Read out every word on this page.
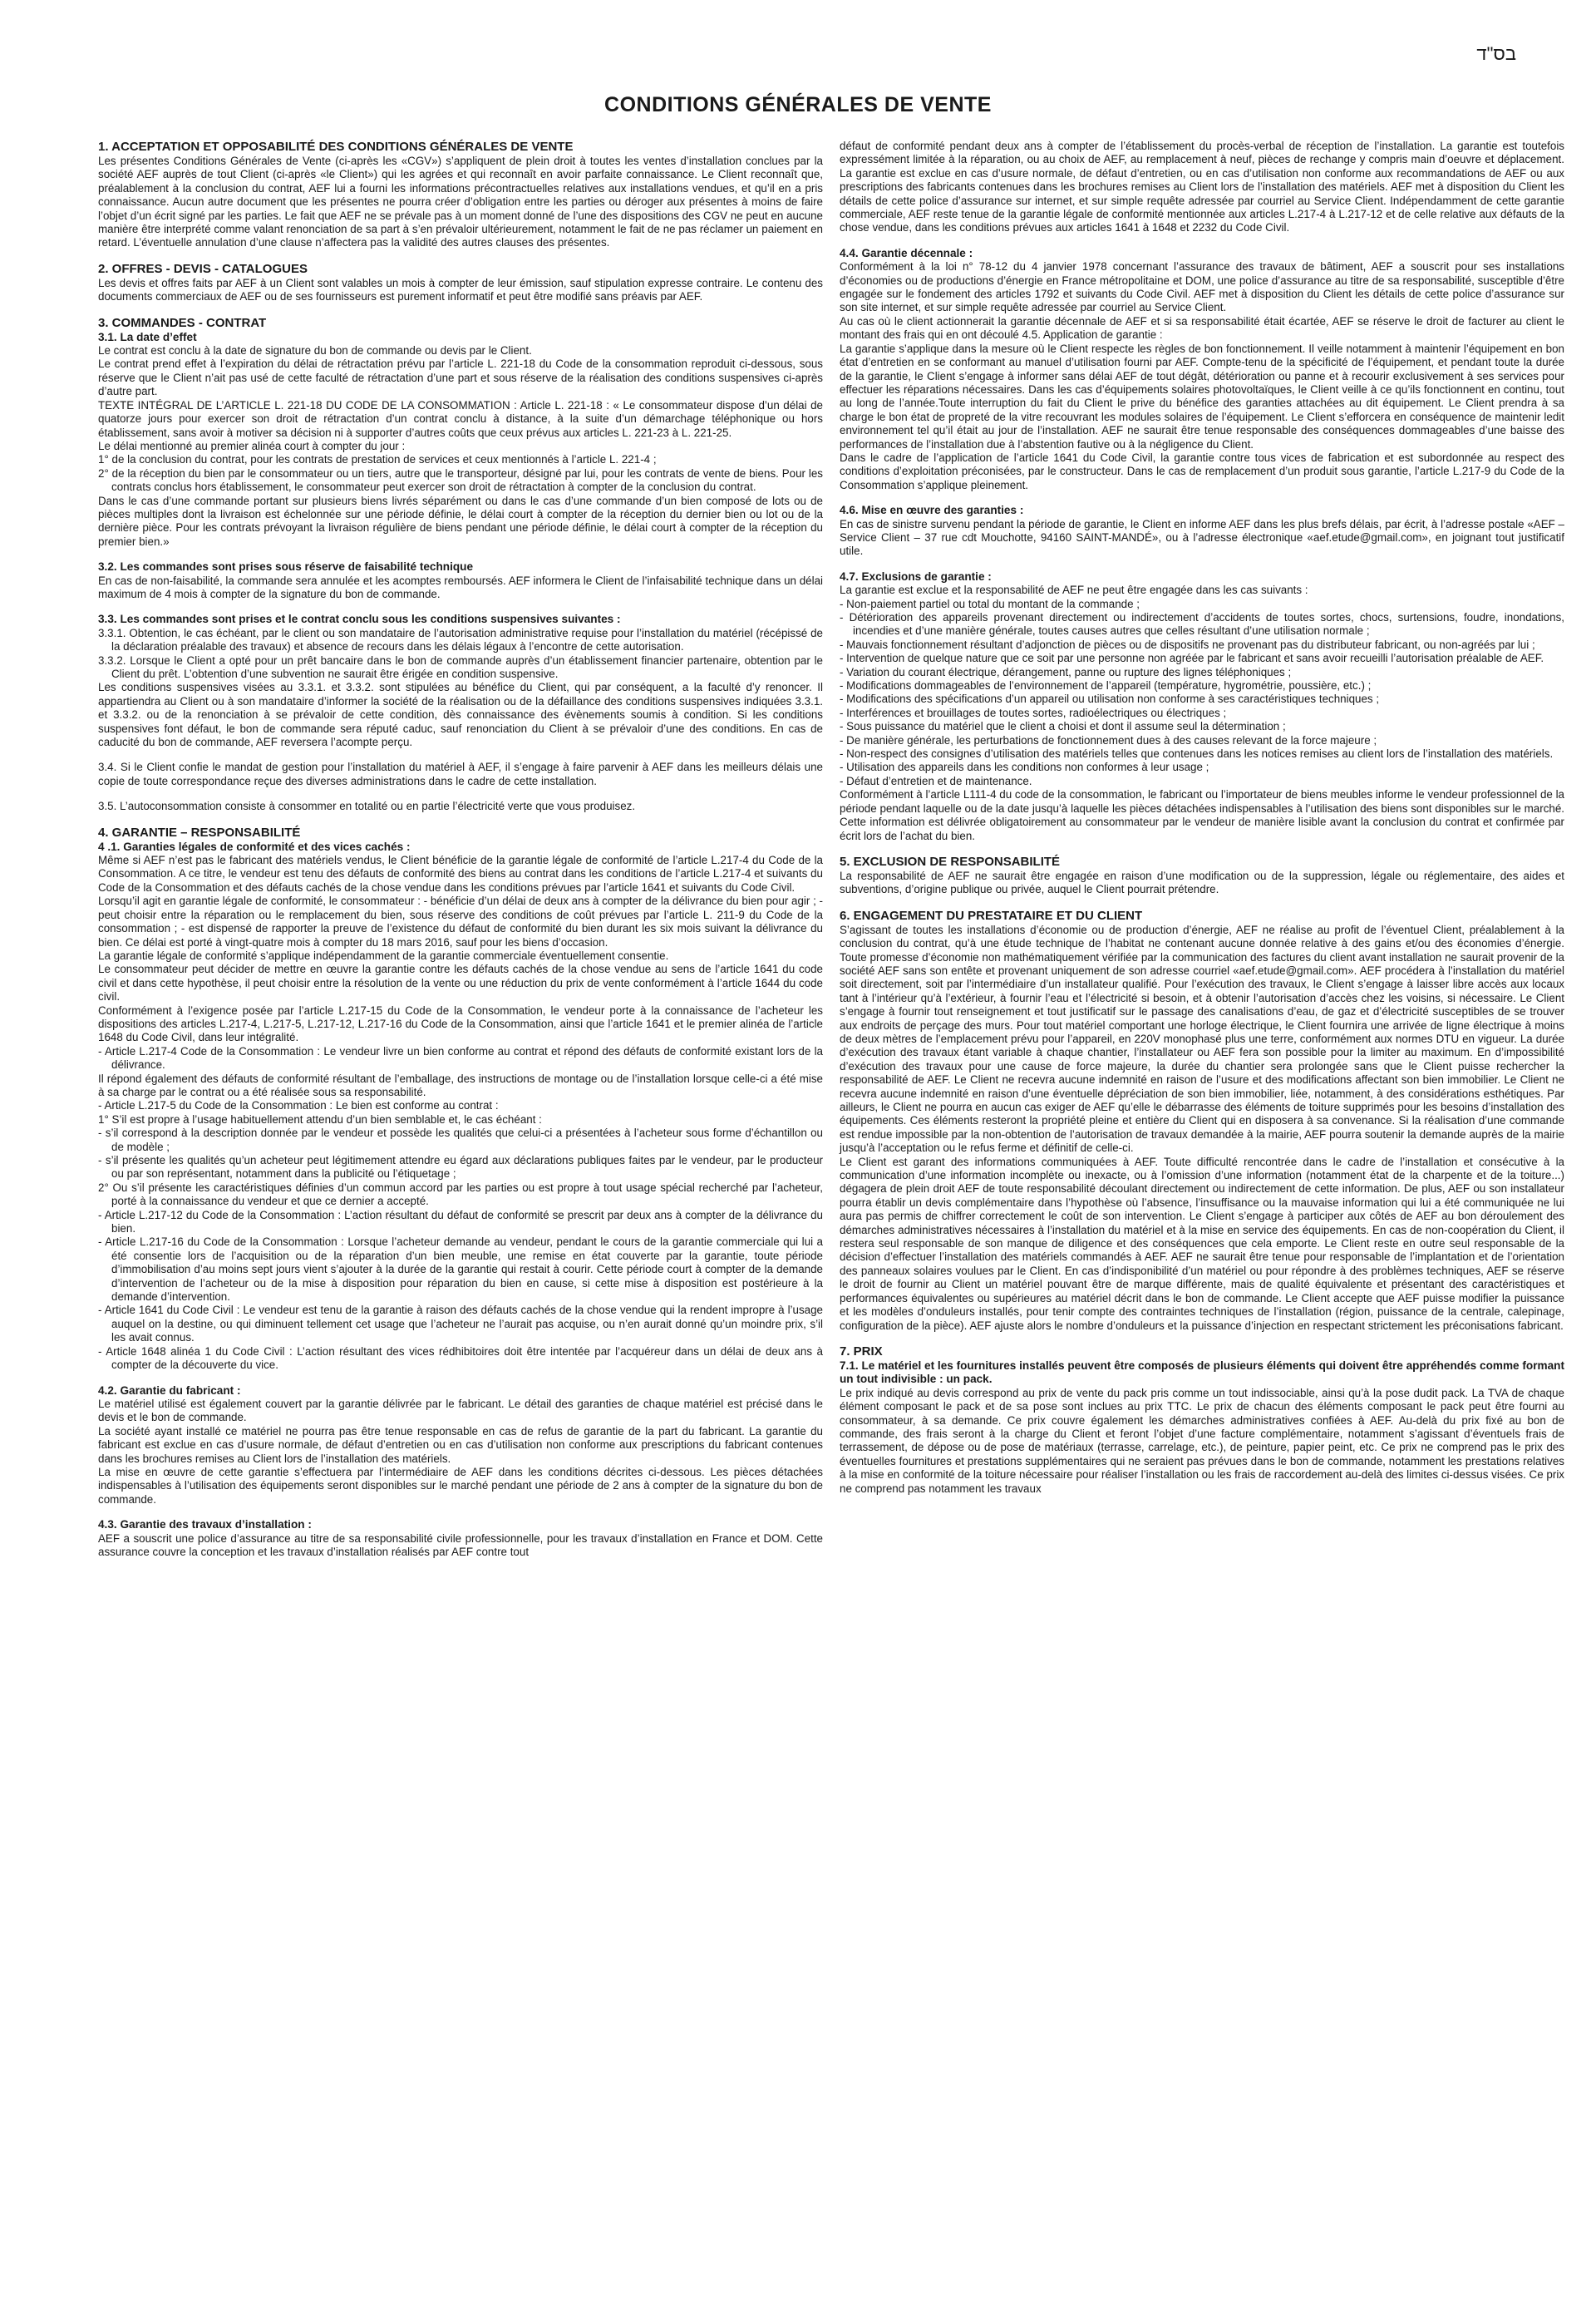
בס"ד
CONDITIONS GÉNÉRALES DE VENTE
1. ACCEPTATION ET OPPOSABILITÉ DES CONDITIONS GÉNÉRALES DE VENTE

Les présentes Conditions Générales de Vente (ci-après les «CGV») s’appliquent de plein droit à toutes les ventes d’installation conclues par la société AEF auprès de tout Client (ci-après «le Client») qui les agrées et qui reconnaît en avoir parfaite connaissance. Le Client reconnaît que, préalablement à la conclusion du contrat, AEF lui a fourni les informations précontractuelles relatives aux installations vendues, et qu’il en a pris connaissance. Aucun autre document que les présentes ne pourra créer d’obligation entre les parties ou déroger aux présentes à moins de faire l’objet d’un écrit signé par les parties. Le fait que AEF ne se prévale pas à un moment donné de l’une des dispositions des CGV ne peut en aucune manière être interprété comme valant renonciation de sa part à s’en prévaloir ultérieurement, notamment le fait de ne pas réclamer un paiement en retard. L’éventuelle annulation d’une clause n’affectera pas la validité des autres clauses des présentes.

2. OFFRES - DEVIS - CATALOGUES

Les devis et offres faits par AEF à un Client sont valables un mois à compter de leur émission, sauf stipulation expresse contraire. Le contenu des documents commerciaux de AEF ou de ses fournisseurs est purement informatif et peut être modifié sans préavis par AEF.

3. COMMANDES - CONTRAT
3.1. La date d’effet

Le contrat est conclu à la date de signature du bon de commande ou devis par le Client.

Le contrat prend effet à l’expiration du délai de rétractation prévu par l’article L. 221-18 du Code de la consommation reproduit ci-dessous, sous réserve que le Client n’ait pas usé de cette faculté de rétractation d’une part et sous réserve de la réalisation des conditions suspensives ci-après d’autre part.

TEXTE INTÉGRAL DE L’ARTICLE L. 221-18 DU CODE DE LA CONSOMMATION : Article L. 221-18 : « Le consommateur dispose d’un délai de quatorze jours pour exercer son droit de rétractation d’un contrat conclu à distance, à la suite d’un démarchage téléphonique ou hors établissement, sans avoir à motiver sa décision ni à supporter d’autres coûts que ceux prévus aux articles L. 221-23 à L. 221-25.

Le délai mentionné au premier alinéa court à compter du jour :

1° de la conclusion du contrat, pour les contrats de prestation de services et ceux mentionnés à l’article L. 221-4 ;

2° de la réception du bien par le consommateur ou un tiers, autre que le transporteur, désigné par lui, pour les contrats de vente de biens. Pour les contrats conclus hors établissement, le consommateur peut exercer son droit de rétractation à compter de la conclusion du contrat.

Dans le cas d’une commande portant sur plusieurs biens livrés séparément ou dans le cas d’une commande d’un bien composé de lots ou de pièces multiples dont la livraison est échelonnée sur une période définie, le délai court à compter de la réception du dernier bien ou lot ou de la dernière pièce. Pour les contrats prévoyant la livraison régulière de biens pendant une période définie, le délai court à compter de la réception du premier bien.»

3.2. Les commandes sont prises sous réserve de faisabilité technique

En cas de non-faisabilité, la commande sera annulée et les acomptes remboursés. AEF informera le Client de l’infaisabilité technique dans un délai maximum de 4 mois à compter de la signature du bon de commande.

3.3. Les commandes sont prises et le contrat conclu sous les conditions suspensives suivantes :

3.3.1. Obtention, le cas échéant, par le client ou son mandataire de l’autorisation administrative requise pour l’installation du matériel (récépissé de la déclaration préalable des travaux) et absence de recours dans les délais légaux à l’encontre de cette autorisation.

3.3.2. Lorsque le Client a opté pour un prêt bancaire dans le bon de commande auprès d’un établissement financier partenaire, obtention par le Client du prêt. L’obtention d’une subvention ne saurait être érigée en condition suspensive.

Les conditions suspensives visées au 3.3.1. et 3.3.2. sont stipulées au bénéfice du Client, qui par conséquent, a la faculté d’y renoncer. Il appartiendra au Client ou à son mandataire d’informer la société de la réalisation ou de la défaillance des conditions suspensives indiquées 3.3.1. et 3.3.2. ou de la renonciation à se prévaloir de cette condition, dès connaissance des évènements soumis à condition. Si les conditions suspensives font défaut, le bon de commande sera réputé caduc, sauf renonciation du Client à se prévaloir d’une des conditions. En cas de caducité du bon de commande, AEF reversera l’acompte perçu.

3.4. Si le Client confie le mandat de gestion pour l’installation du matériel à AEF, il s’engage à faire parvenir à AEF dans les meilleurs délais une copie de toute correspondance reçue des diverses administrations dans le cadre de cette installation.

3.5. L’autoconsommation consiste à consommer en totalité ou en partie l’électricité verte que vous produisez.

4. GARANTIE – RESPONSABILITÉ
4 .1. Garanties légales de conformité et des vices cachés :

Même si AEF n’est pas le fabricant des matériels vendus, le Client bénéficie de la garantie légale de conformité de l’article L.217-4 du Code de la Consommation. A ce titre, le vendeur est tenu des défauts de conformité des biens au contrat dans les conditions de l’article L.217-4 et suivants du Code de la Consommation et des défauts cachés de la chose vendue dans les conditions prévues par l’article 1641 et suivants du Code Civil.

Lorsqu’il agit en garantie légale de conformité, le consommateur : - bénéficie d’un délai de deux ans à compter de la délivrance du bien pour agir ; - peut choisir entre la réparation ou le remplacement du bien, sous réserve des conditions de coût prévues par l’article L. 211-9 du Code de la consommation ; - est dispensé de rapporter la preuve de l’existence du défaut de conformité du bien durant les six mois suivant la délivrance du bien. Ce délai est porté à vingt-quatre mois à compter du 18 mars 2016, sauf pour les biens d’occasion.

La garantie légale de conformité s’applique indépendamment de la garantie commerciale éventuellement consentie.

Le consommateur peut décider de mettre en œuvre la garantie contre les défauts cachés de la chose vendue au sens de l’article 1641 du code civil et dans cette hypothèse, il peut choisir entre la résolution de la vente ou une réduction du prix de vente conformément à l’article 1644 du code civil.

Conformément à l’exigence posée par l’article L.217-15 du Code de la Consommation, le vendeur porte à la connaissance de l’acheteur les dispositions des articles L.217-4, L.217-5, L.217-12, L.217-16 du Code de la Consommation, ainsi que l’article 1641 et le premier alinéa de l’article 1648 du Code Civil, dans leur intégralité.

- Article L.217-4 Code de la Consommation : Le vendeur livre un bien conforme au contrat et répond des défauts de conformité existant lors de la délivrance.

Il répond également des défauts de conformité résultant de l’emballage, des instructions de montage ou de l’installation lorsque celle-ci a été mise à sa charge par le contrat ou a été réalisée sous sa responsabilité.

- Article L.217-5 du Code de la Consommation : Le bien est conforme au contrat :

1° S’il est propre à l’usage habituellement attendu d’un bien semblable et, le cas échéant :

- s’il correspond à la description donnée par le vendeur et possède les qualités que celui-ci a présentées à l’acheteur sous forme d’échantillon ou de modèle ;

- s’il présente les qualités qu’un acheteur peut légitimement attendre eu égard aux déclarations publiques faites par le vendeur, par le producteur ou par son représentant, notamment dans la publicité ou l’étiquetage ;

2° Ou s’il présente les caractéristiques définies d’un commun accord par les parties ou est propre à tout usage spécial recherché par l’acheteur, porté à la connaissance du vendeur et que ce dernier a accepté.

- Article L.217-12 du Code de la Consommation : L’action résultant du défaut de conformité se prescrit par deux ans à compter de la délivrance du bien.

- Article L.217-16 du Code de la Consommation : Lorsque l’acheteur demande au vendeur, pendant le cours de la garantie commerciale qui lui a été consentie lors de l’acquisition ou de la réparation d’un bien meuble, une remise en état couverte par la garantie, toute période d’immobilisation d’au moins sept jours vient s’ajouter à la durée de la garantie qui restait à courir. Cette période court à compter de la demande d’intervention de l’acheteur ou de la mise à disposition pour réparation du bien en cause, si cette mise à disposition est postérieure à la demande d’intervention.

- Article 1641 du Code Civil : Le vendeur est tenu de la garantie à raison des défauts cachés de la chose vendue qui la rendent impropre à l’usage auquel on la destine, ou qui diminuent tellement cet usage que l’acheteur ne l’aurait pas acquise, ou n’en aurait donné qu’un moindre prix, s’il les avait connus.

- Article 1648 alinéa 1 du Code Civil : L’action résultant des vices rédhibitoires doit être intentée par l’acquéreur dans un délai de deux ans à compter de la découverte du vice.

4.2. Garantie du fabricant :

Le matériel utilisé est également couvert par la garantie délivrée par le fabricant. Le détail des garanties de chaque matériel est précisé dans le devis et le bon de commande.

La société ayant installé ce matériel ne pourra pas être tenue responsable en cas de refus de garantie de la part du fabricant. La garantie du fabricant est exclue en cas d’usure normale, de défaut d’entretien ou en cas d’utilisation non conforme aux prescriptions du fabricant contenues dans les brochures remises au Client lors de l’installation des matériels.

La mise en œuvre de cette garantie s’effectuera par l’intermédiaire de AEF dans les conditions décrites ci-dessous. Les pièces détachées indispensables à l’utilisation des équipements seront disponibles sur le marché pendant une période de 2 ans à compter de la signature du bon de commande.

4.3. Garantie des travaux d’installation :

AEF a souscrit une police d’assurance au titre de sa responsabilité civile professionnelle, pour les travaux d’installation en France et DOM. Cette assurance couvre la conception et les travaux d’installation réalisés par AEF contre tout

défaut de conformité pendant deux ans à compter de l’établissement du procès-verbal de réception de l’installation. La garantie est toutefois expressément limitée à la réparation, ou au choix de AEF, au remplacement à neuf, pièces de rechange y compris main d’oeuvre et déplacement. La garantie est exclue en cas d’usure normale, de défaut d’entretien, ou en cas d’utilisation non conforme aux recommandations de AEF ou aux prescriptions des fabricants contenues dans les brochures remises au Client lors de l’installation des matériels. AEF met à disposition du Client les détails de cette police d’assurance sur internet, et sur simple requête adressée par courriel au Service Client. Indépendamment de cette garantie commerciale, AEF reste tenue de la garantie légale de conformité mentionnée aux articles L.217-4 à L.217-12 et de celle relative aux défauts de la chose vendue, dans les conditions prévues aux articles 1641 à 1648 et 2232 du Code Civil.

4.4. Garantie décennale :

Conformément à la loi n° 78-12 du 4 janvier 1978 concernant l’assurance des travaux de bâtiment, AEF a souscrit pour ses installations d’économies ou de productions d’énergie en France métropolitaine et DOM, une police d’assurance au titre de sa responsabilité, susceptible d’être engagée sur le fondement des articles 1792 et suivants du Code Civil. AEF met à disposition du Client les détails de cette police d’assurance sur son site internet, et sur simple requête adressée par courriel au Service Client.

Au cas où le client actionnerait la garantie décennale de AEF et si sa responsabilité était écartée, AEF se réserve le droit de facturer au client le montant des frais qui en ont découlé 4.5. Application de garantie :

La garantie s’applique dans la mesure où le Client respecte les règles de bon fonctionnement. Il veille notamment à maintenir l’équipement en bon état d’entretien en se conformant au manuel d’utilisation fourni par AEF. Compte-tenu de la spécificité de l’équipement, et pendant toute la durée de la garantie, le Client s’engage à informer sans délai AEF de tout dégât, détérioration ou panne et à recourir exclusivement à ses services pour effectuer les réparations nécessaires. Dans les cas d’équipements solaires photovoltaïques, le Client veille à ce qu’ils fonctionnent en continu, tout au long de l’année.Toute interruption du fait du Client le prive du bénéfice des garanties attachées au dit équipement. Le Client prendra à sa charge le bon état de propreté de la vitre recouvrant les modules solaires de l’équipement. Le Client s’efforcera en conséquence de maintenir ledit environnement tel qu’il était au jour de l’installation. AEF ne saurait être tenue responsable des conséquences dommageables d’une baisse des performances de l’installation due à l’abstention fautive ou à la négligence du Client.

Dans le cadre de l’application de l’article 1641 du Code Civil, la garantie contre tous vices de fabrication et est subordonnée au respect des conditions d’exploitation préconisées, par le constructeur. Dans le cas de remplacement d’un produit sous garantie, l’article L.217-9 du Code de la Consommation s’applique pleinement.

4.6. Mise en œuvre des garanties :

En cas de sinistre survenu pendant la période de garantie, le Client en informe AEF dans les plus brefs délais, par écrit, à l’adresse postale «AEF – Service Client – 37 rue cdt Mouchotte, 94160 SAINT-MANDÉ», ou à l’adresse électronique «aef.etude@gmail.com», en joignant tout justificatif utile.

4.7. Exclusions de garantie :

La garantie est exclue et la responsabilité de AEF ne peut être engagée dans les cas suivants :

- Non-paiement partiel ou total du montant de la commande ;

- Détérioration des appareils provenant directement ou indirectement d’accidents de toutes sortes, chocs, surtensions, foudre, inondations, incendies et d’une manière générale, toutes causes autres que celles résultant d’une utilisation normale ;

- Mauvais fonctionnement résultant d’adjonction de pièces ou de dispositifs ne provenant pas du distributeur fabricant, ou non-agréés par lui ;

- Intervention de quelque nature que ce soit par une personne non agréée par le fabricant et sans avoir recueilli l’autorisation préalable de AEF.

- Variation du courant électrique, dérangement, panne ou rupture des lignes téléphoniques ;

- Modifications dommageables de l’environnement de l’appareil (température, hygrométrie, poussière, etc.) ;

- Modifications des spécifications d’un appareil ou utilisation non conforme à ses caractéristiques techniques ;

- Interférences et brouillages de toutes sortes, radioélectriques ou électriques ;

- Sous puissance du matériel que le client a choisi et dont il assume seul la détermination ;

- De manière générale, les perturbations de fonctionnement dues à des causes relevant de la force majeure ;

- Non-respect des consignes d’utilisation des matériels telles que contenues dans les notices remises au client lors de l’installation des matériels.

- Utilisation des appareils dans les conditions non conformes à leur usage ;

- Défaut d’entretien et de maintenance.

Conformément à l’article L111-4 du code de la consommation, le fabricant ou l’importateur de biens meubles informe le vendeur professionnel de la période pendant laquelle ou de la date jusqu’à laquelle les pièces détachées indispensables à l’utilisation des biens sont disponibles sur le marché. Cette information est délivrée obligatoirement au consommateur par le vendeur de manière lisible avant la conclusion du contrat et confirmée par écrit lors de l’achat du bien.

5. EXCLUSION DE RESPONSABILITÉ

La responsabilité de AEF ne saurait être engagée en raison d’une modification ou de la suppression, légale ou réglementaire, des aides et subventions, d’origine publique ou privée, auquel le Client pourrait prétendre.

6. ENGAGEMENT DU PRESTATAIRE ET DU CLIENT

S’agissant de toutes les installations d’économie ou de production d’énergie, AEF ne réalise au profit de l’éventuel Client, préalablement à la conclusion du contrat, qu’à une étude technique de l’habitat ne contenant aucune donnée relative à des gains et/ou des économies d’énergie. Toute promesse d’économie non mathématiquement vérifiée par la communication des factures du client avant installation ne saurait provenir de la société AEF sans son entête et provenant uniquement de son adresse courriel «aef.etude@gmail.com». AEF procédera à l’installation du matériel soit directement, soit par l’intermédiaire d’un installateur qualifié. Pour l’exécution des travaux, le Client s’engage à laisser libre accès aux locaux tant à l’intérieur qu’à l’extérieur, à fournir l’eau et l’électricité si besoin, et à obtenir l’autorisation d’accès chez les voisins, si nécessaire. Le Client s’engage à fournir tout renseignement et tout justificatif sur le passage des canalisations d’eau, de gaz et d’électricité susceptibles de se trouver aux endroits de perçage des murs. Pour tout matériel comportant une horloge électrique, le Client fournira une arrivée de ligne électrique à moins de deux mètres de l’emplacement prévu pour l’appareil, en 220V monophasé plus une terre, conformément aux normes DTU en vigueur. La durée d’exécution des travaux étant variable à chaque chantier, l’installateur ou AEF fera son possible pour la limiter au maximum. En d’impossibilité d’exécution des travaux pour une cause de force majeure, la durée du chantier sera prolongée sans que le Client puisse rechercher la responsabilité de AEF. Le Client ne recevra aucune indemnité en raison de l’usure et des modifications affectant son bien immobilier. Le Client ne recevra aucune indemnité en raison d’une éventuelle dépréciation de son bien immobilier, liée, notamment, à des considérations esthétiques. Par ailleurs, le Client ne pourra en aucun cas exiger de AEF qu’elle le débarrasse des éléments de toiture supprimés pour les besoins d’installation des équipements. Ces éléments resteront la propriété pleine et entière du Client qui en disposera à sa convenance. Si la réalisation d’une commande est rendue impossible par la non-obtention de l’autorisation de travaux demandée à la mairie, AEF pourra soutenir la demande auprès de la mairie jusqu’à l’acceptation ou le refus ferme et définitif de celle-ci.

Le Client est garant des informations communiquées à AEF. Toute difficulté rencontrée dans le cadre de l’installation et consécutive à la communication d’une information incomplète ou inexacte, ou à l’omission d’une information (notamment état de la charpente et de la toiture...) dégagera de plein droit AEF de toute responsabilité découlant directement ou indirectement de cette information. De plus, AEF ou son installateur pourra établir un devis complémentaire dans l’hypothèse où l’absence, l’insuffisance ou la mauvaise information qui lui a été communiquée ne lui aura pas permis de chiffrer correctement le coût de son intervention. Le Client s’engage à participer aux côtés de AEF au bon déroulement des démarches administratives nécessaires à l’installation du matériel et à la mise en service des équipements. En cas de non-coopération du Client, il restera seul responsable de son manque de diligence et des conséquences que cela emporte. Le Client reste en outre seul responsable de la décision d’effectuer l’installation des matériels commandés à AEF. AEF ne saurait être tenue pour responsable de l’implantation et de l’orientation des panneaux solaires voulues par le Client. En cas d’indisponibilité d’un matériel ou pour répondre à des problèmes techniques, AEF se réserve le droit de fournir au Client un matériel pouvant être de marque différente, mais de qualité équivalente et présentant des caractéristiques et performances équivalentes ou supérieures au matériel décrit dans le bon de commande. Le Client accepte que AEF puisse modifier la puissance et les modèles d’onduleurs installés, pour tenir compte des contraintes techniques de l’installation (région, puissance de la centrale, calepinage, configuration de la pièce). AEF ajuste alors le nombre d’onduleurs et la puissance d’injection en respectant strictement les préconisations fabricant.

7. PRIX
7.1. Le matériel et les fournitures installés peuvent être composés de plusieurs éléments qui doivent être appréhendés comme formant un tout indivisible : un pack.

Le prix indiqué au devis correspond au prix de vente du pack pris comme un tout indissociable, ainsi qu’à la pose dudit pack. La TVA de chaque élément composant le pack et de sa pose sont inclues au prix TTC. Le prix de chacun des éléments composant le pack peut être fourni au consommateur, à sa demande. Ce prix couvre également les démarches administratives confiées à AEF. Au-delà du prix fixé au bon de commande, des frais seront à la charge du Client et feront l’objet d’une facture complémentaire, notamment s’agissant d’éventuels frais de terrassement, de dépose ou de pose de matériaux (terrasse, carrelage, etc.), de peinture, papier peint, etc. Ce prix ne comprend pas le prix des éventuelles fournitures et prestations supplémentaires qui ne seraient pas prévues dans le bon de commande, notamment les prestations relatives à la mise en conformité de la toiture nécessaire pour réaliser l’installation ou les frais de raccordement au-delà des limites ci-dessus visées. Ce prix ne comprend pas notamment les travaux
